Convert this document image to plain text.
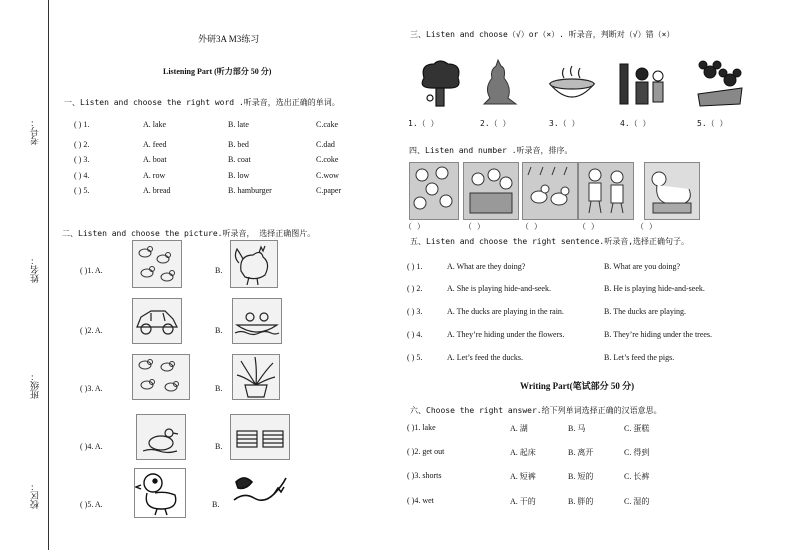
考号：
姓名：
班级：
校区：
外研3A M3练习
Listening Part (听力部分 50 分)
一、Listen and choose the right word .听录音，选出正确的单词。
( ) 1.	A. lake	B. late	C.cake
( ) 2.	A. feed	B. bed	C.dad
( ) 3.	A. boat	B. coat	C.coke
( ) 4.	A. row	B. low	C.wow
( ) 5.	A. bread	B. hamburger	C.paper
二、Listen and choose the picture.听录音， 选择正确图片。
( )1. A.	B.
( )2. A.	B.
( )3. A.	B.
( )4. A.	B.
( )5. A.	B.
三、Listen and choose（√）or（×）. 听录音，判断对（√）错（×）
1.（ ）	2.（ ）	3.（ ）	4.（ ）	5.（ ）
四、Listen and number .听录音，排序。
（ ）	（ ）	（ ）	（ ）	（ ）
五、Listen and choose the right sentence.听录音,选择正确句子。
( ) 1.	A. What are they doing?	B. What are you doing?
( ) 2.	A. She is playing hide-and-seek.	B. He is playing hide-and-seek.
( ) 3.	A. The ducks are playing in the rain.	B. The ducks are playing.
( ) 4.	A. They’re hiding under the flowers.	B. They’re hiding under the trees.
( ) 5.	A. Let’s feed the ducks.	B. Let’s feed the pigs.
Writing Part(笔试部分 50 分)
六、Choose the right answer.给下列单词选择正确的汉语意思。
( )1. lake	A. 湖	B. 马	C. 蛋糕
( )2. get out	A. 起床	B. 离开	C. 得到
( )3. shorts	A. 短裤	B. 短的	C. 长裤
( )4. wet	A. 干的	B. 胖的	C. 湿的
